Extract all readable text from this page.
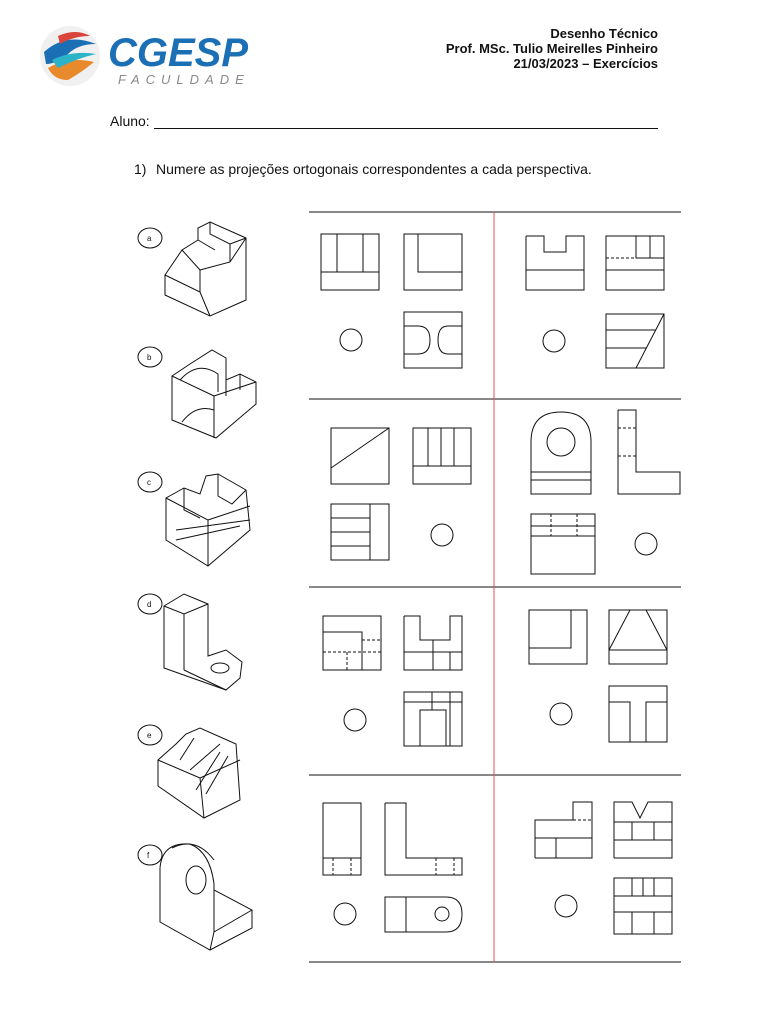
CGESP
FACULDADE
Desenho Técnico
Prof. MSc. Tulio Meirelles Pinheiro
21/03/2023 – Exercícios
Aluno:
1) Numere as projeções ortogonais correspondentes a cada perspectiva.
a
b
c
d
e
f
